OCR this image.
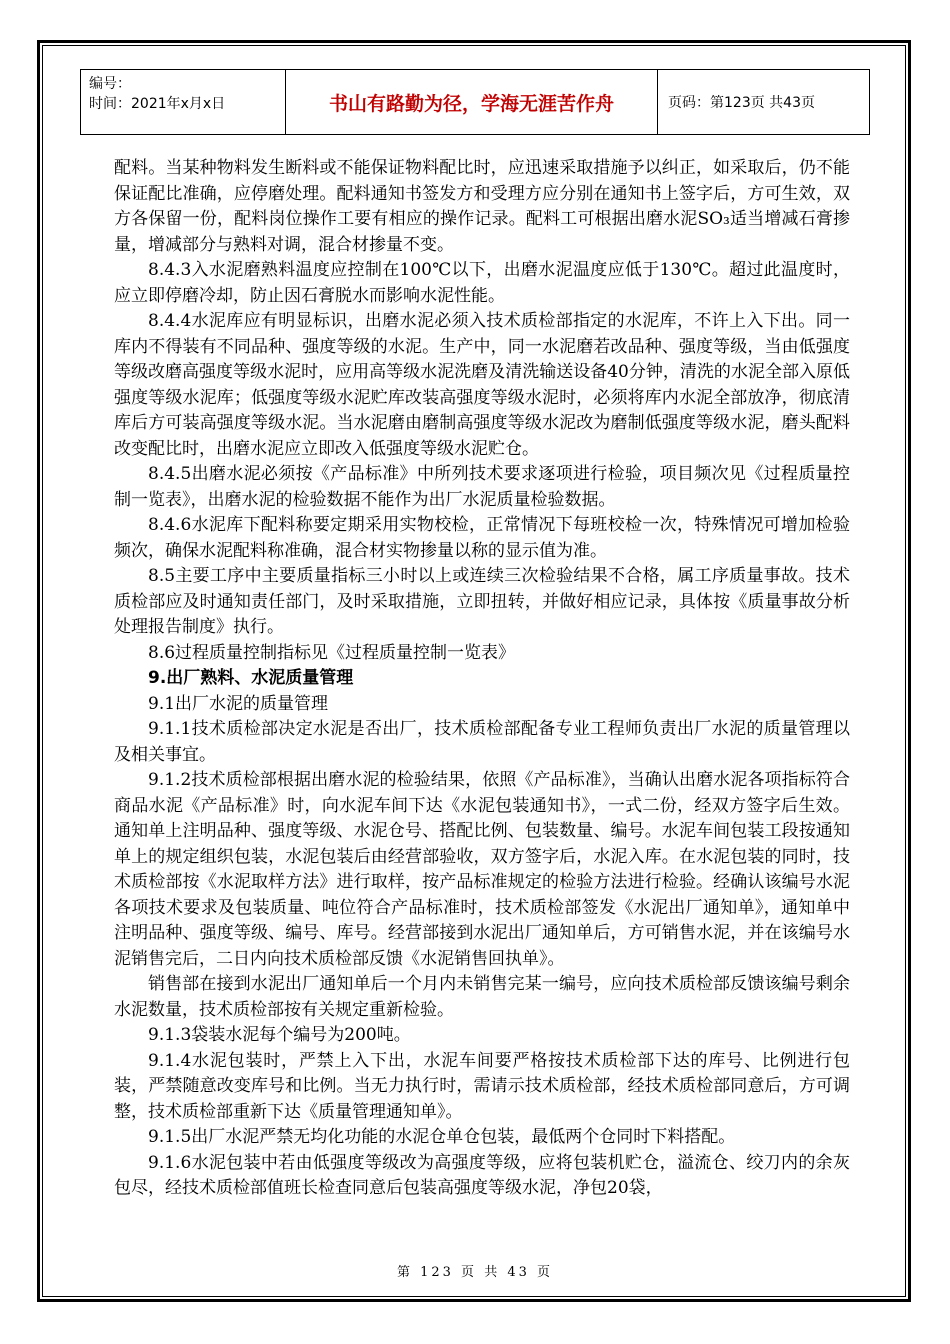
编号：
时间：2021年x月x日	书山有路勤为径，学海无涯苦作舟	页码：第123页 共43页

配料。当某种物料发生断料或不能保证物料配比时，应迅速采取措施予以纠正，如采取后，仍不能保证配比准确，应停磨处理。配料通知书签发方和受理方应分别在通知书上签字后，方可生效，双方各保留一份，配料岗位操作工要有相应的操作记录。配料工可根据出磨水泥SO₃适当增减石膏掺量，增减部分与熟料对调，混合材掺量不变。

8.4.3入水泥磨熟料温度应控制在100℃以下，出磨水泥温度应低于130℃。超过此温度时，应立即停磨冷却，防止因石膏脱水而影响水泥性能。

8.4.4水泥库应有明显标识，出磨水泥必须入技术质检部指定的水泥库，不许上入下出。同一库内不得装有不同品种、强度等级的水泥。生产中，同一水泥磨若改品种、强度等级，当由低强度等级改磨高强度等级水泥时，应用高等级水泥洗磨及清洗输送设备40分钟，清洗的水泥全部入原低强度等级水泥库；低强度等级水泥贮库改装高强度等级水泥时，必须将库内水泥全部放净，彻底清库后方可装高强度等级水泥。当水泥磨由磨制高强度等级水泥改为磨制低强度等级水泥，磨头配料改变配比时，出磨水泥应立即改入低强度等级水泥贮仓。

8.4.5出磨水泥必须按《产品标准》中所列技术要求逐项进行检验，项目频次见《过程质量控制一览表》，出磨水泥的检验数据不能作为出厂水泥质量检验数据。

8.4.6水泥库下配料称要定期采用实物校检，正常情况下每班校检一次，特殊情况可增加检验频次，确保水泥配料称准确，混合材实物掺量以称的显示值为准。

8.5主要工序中主要质量指标三小时以上或连续三次检验结果不合格，属工序质量事故。技术质检部应及时通知责任部门，及时采取措施，立即扭转，并做好相应记录，具体按《质量事故分析处理报告制度》执行。

8.6过程质量控制指标见《过程质量控制一览表》

9.出厂熟料、水泥质量管理

9.1出厂水泥的质量管理

9.1.1技术质检部决定水泥是否出厂，技术质检部配备专业工程师负责出厂水泥的质量管理以及相关事宜。

9.1.2技术质检部根据出磨水泥的检验结果，依照《产品标准》，当确认出磨水泥各项指标符合商品水泥《产品标准》时，向水泥车间下达《水泥包装通知书》，一式二份，经双方签字后生效。通知单上注明品种、强度等级、水泥仓号、搭配比例、包装数量、编号。水泥车间包装工段按通知单上的规定组织包装，水泥包装后由经营部验收，双方签字后，水泥入库。在水泥包装的同时，技术质检部按《水泥取样方法》进行取样，按产品标准规定的检验方法进行检验。经确认该编号水泥各项技术要求及包装质量、吨位符合产品标准时，技术质检部签发《水泥出厂通知单》，通知单中注明品种、强度等级、编号、库号。经营部接到水泥出厂通知单后，方可销售水泥，并在该编号水泥销售完后，二日内向技术质检部反馈《水泥销售回执单》。

销售部在接到水泥出厂通知单后一个月内未销售完某一编号，应向技术质检部反馈该编号剩余水泥数量，技术质检部按有关规定重新检验。

9.1.3袋装水泥每个编号为200吨。

9.1.4水泥包装时，严禁上入下出，水泥车间要严格按技术质检部下达的库号、比例进行包装，严禁随意改变库号和比例。当无力执行时，需请示技术质检部，经技术质检部同意后，方可调整，技术质检部重新下达《质量管理通知单》。

9.1.5出厂水泥严禁无均化功能的水泥仓单仓包装，最低两个仓同时下料搭配。

9.1.6水泥包装中若由低强度等级改为高强度等级，应将包装机贮仓，溢流仓、绞刀内的余灰包尽，经技术质检部值班长检查同意后包装高强度等级水泥，净包20袋，

第 123 页 共 43 页
